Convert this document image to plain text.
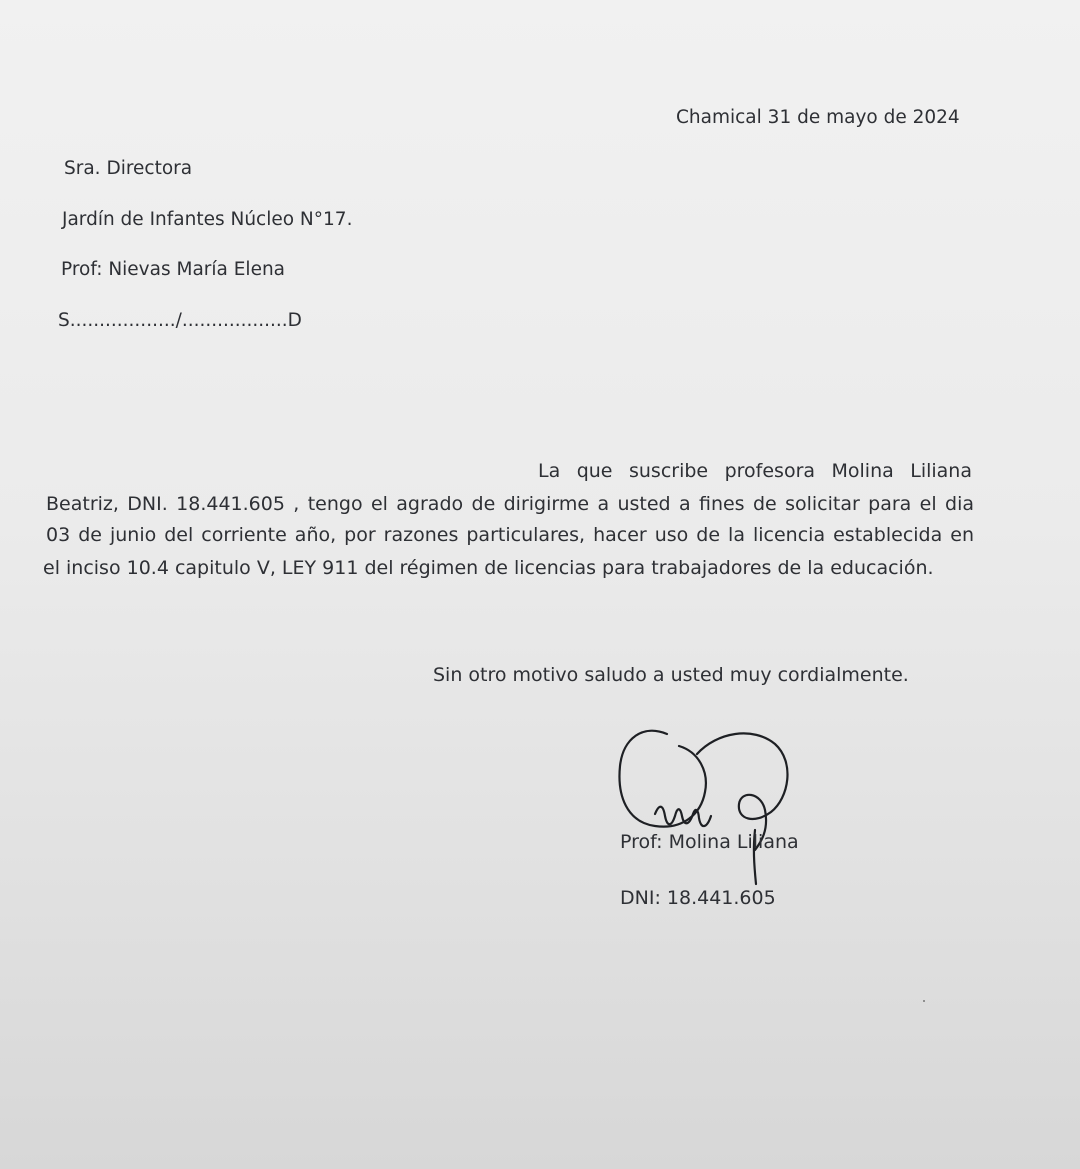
Chamical 31 de mayo de 2024
Sra. Directora
Jardín de Infantes Núcleo N°17.
Prof: Nievas María Elena
S................../..................D
La que suscribe profesora Molina Liliana
Beatriz, DNI. 18.441.605 , tengo el agrado de dirigirme a usted a fines de solicitar para el dia
03 de junio del corriente año, por razones particulares, hacer uso de la licencia establecida en
el inciso 10.4 capitulo V, LEY 911 del régimen de licencias para trabajadores de la educación.
Sin otro motivo saludo a usted muy cordialmente.
Prof: Molina Liliana
DNI: 18.441.605
